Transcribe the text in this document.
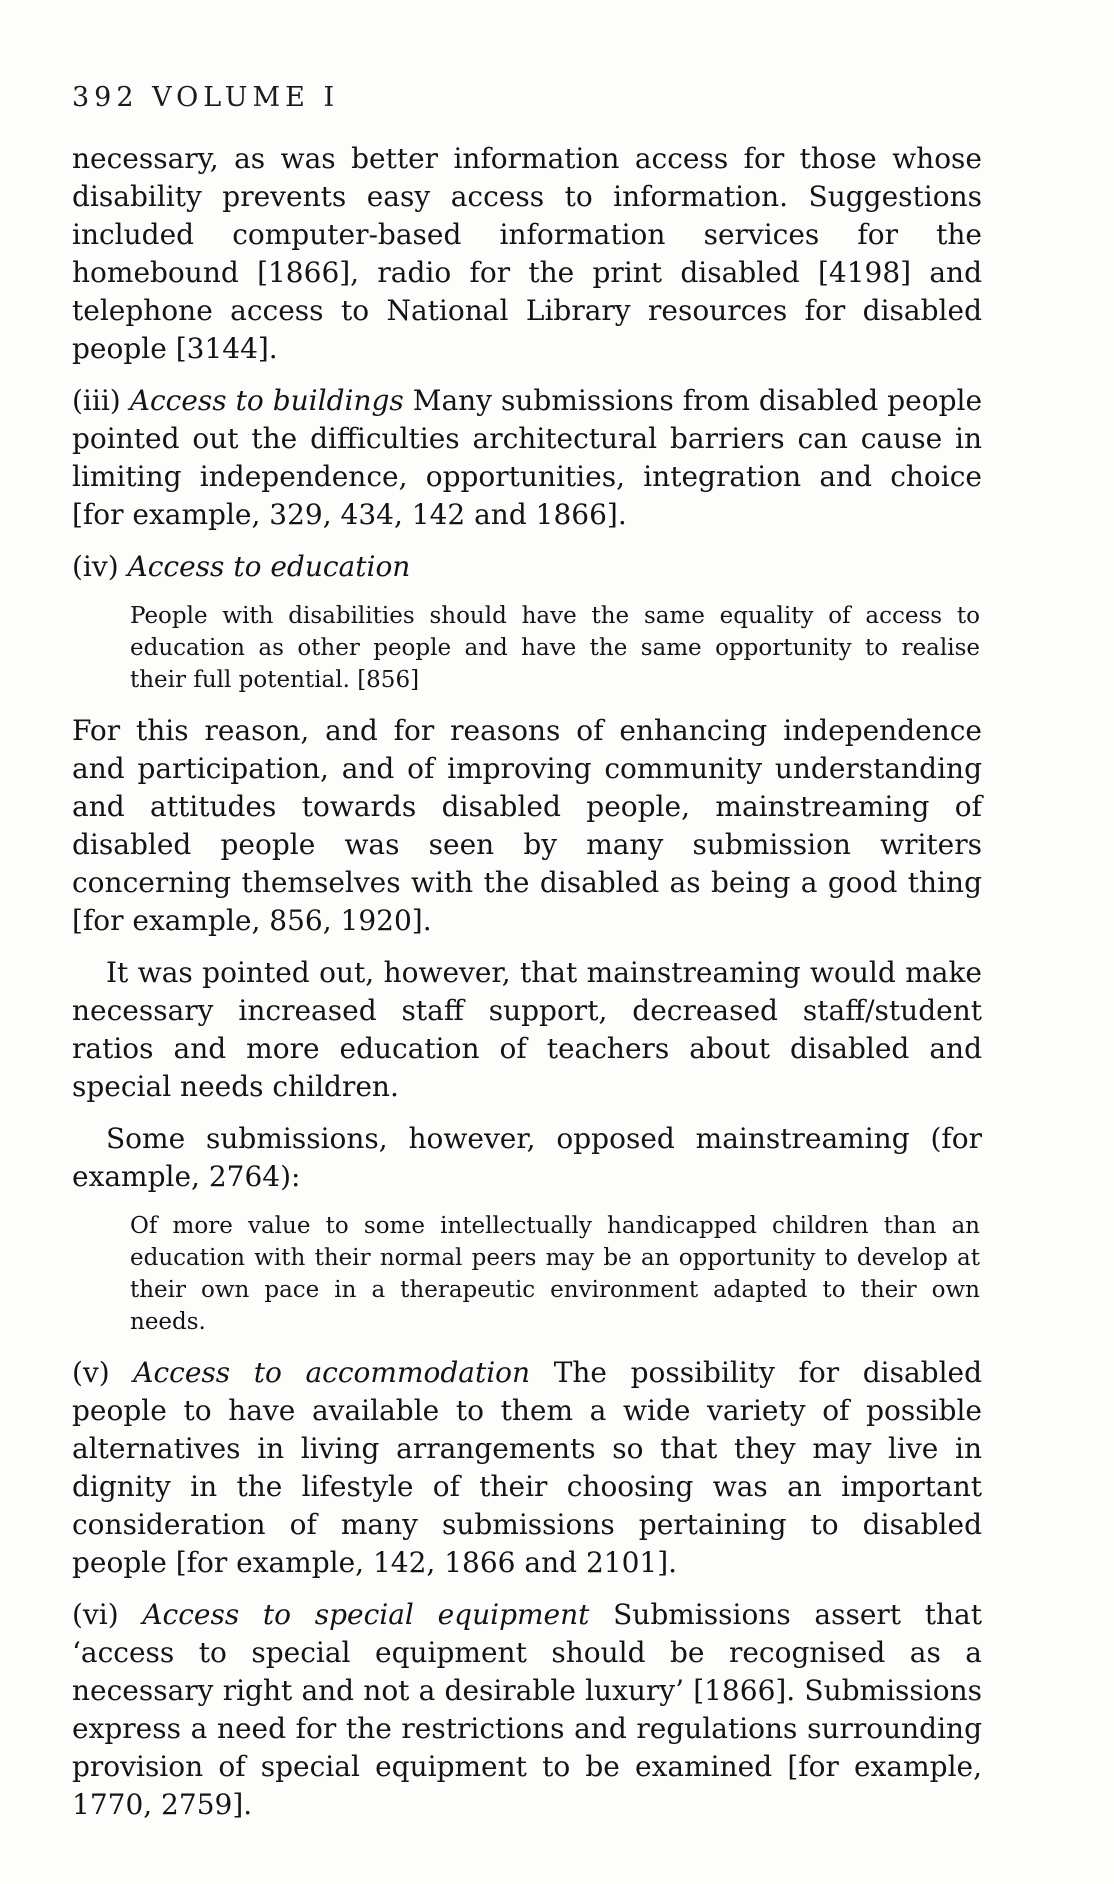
392 VOLUME I

necessary, as was better information access for those whose disability prevents easy access to information. Suggestions included computer-based information services for the homebound [1866], radio for the print disabled [4198] and telephone access to National Library resources for disabled people [3144].

(iii) Access to buildings Many submissions from disabled people pointed out the difficulties architectural barriers can cause in limiting independence, opportunities, integration and choice [for example, 329, 434, 142 and 1866].

(iv) Access to education

People with disabilities should have the same equality of access to education as other people and have the same opportunity to realise their full potential. [856]

For this reason, and for reasons of enhancing independence and participation, and of improving community understanding and attitudes towards disabled people, mainstreaming of disabled people was seen by many submission writers concerning themselves with the disabled as being a good thing [for example, 856, 1920].

It was pointed out, however, that mainstreaming would make necessary increased staff support, decreased staff/student ratios and more education of teachers about disabled and special needs children.

Some submissions, however, opposed mainstreaming (for example, 2764):

Of more value to some intellectually handicapped children than an education with their normal peers may be an opportunity to develop at their own pace in a therapeutic environment adapted to their own needs.

(v) Access to accommodation The possibility for disabled people to have available to them a wide variety of possible alternatives in living arrangements so that they may live in dignity in the lifestyle of their choosing was an important consideration of many submissions pertaining to disabled people [for example, 142, 1866 and 2101].

(vi) Access to special equipment Submissions assert that ‘access to special equipment should be recognised as a necessary right and not a desirable luxury’ [1866]. Submissions express a need for the restrictions and regulations surrounding provision of special equipment to be examined [for example, 1770, 2759].
